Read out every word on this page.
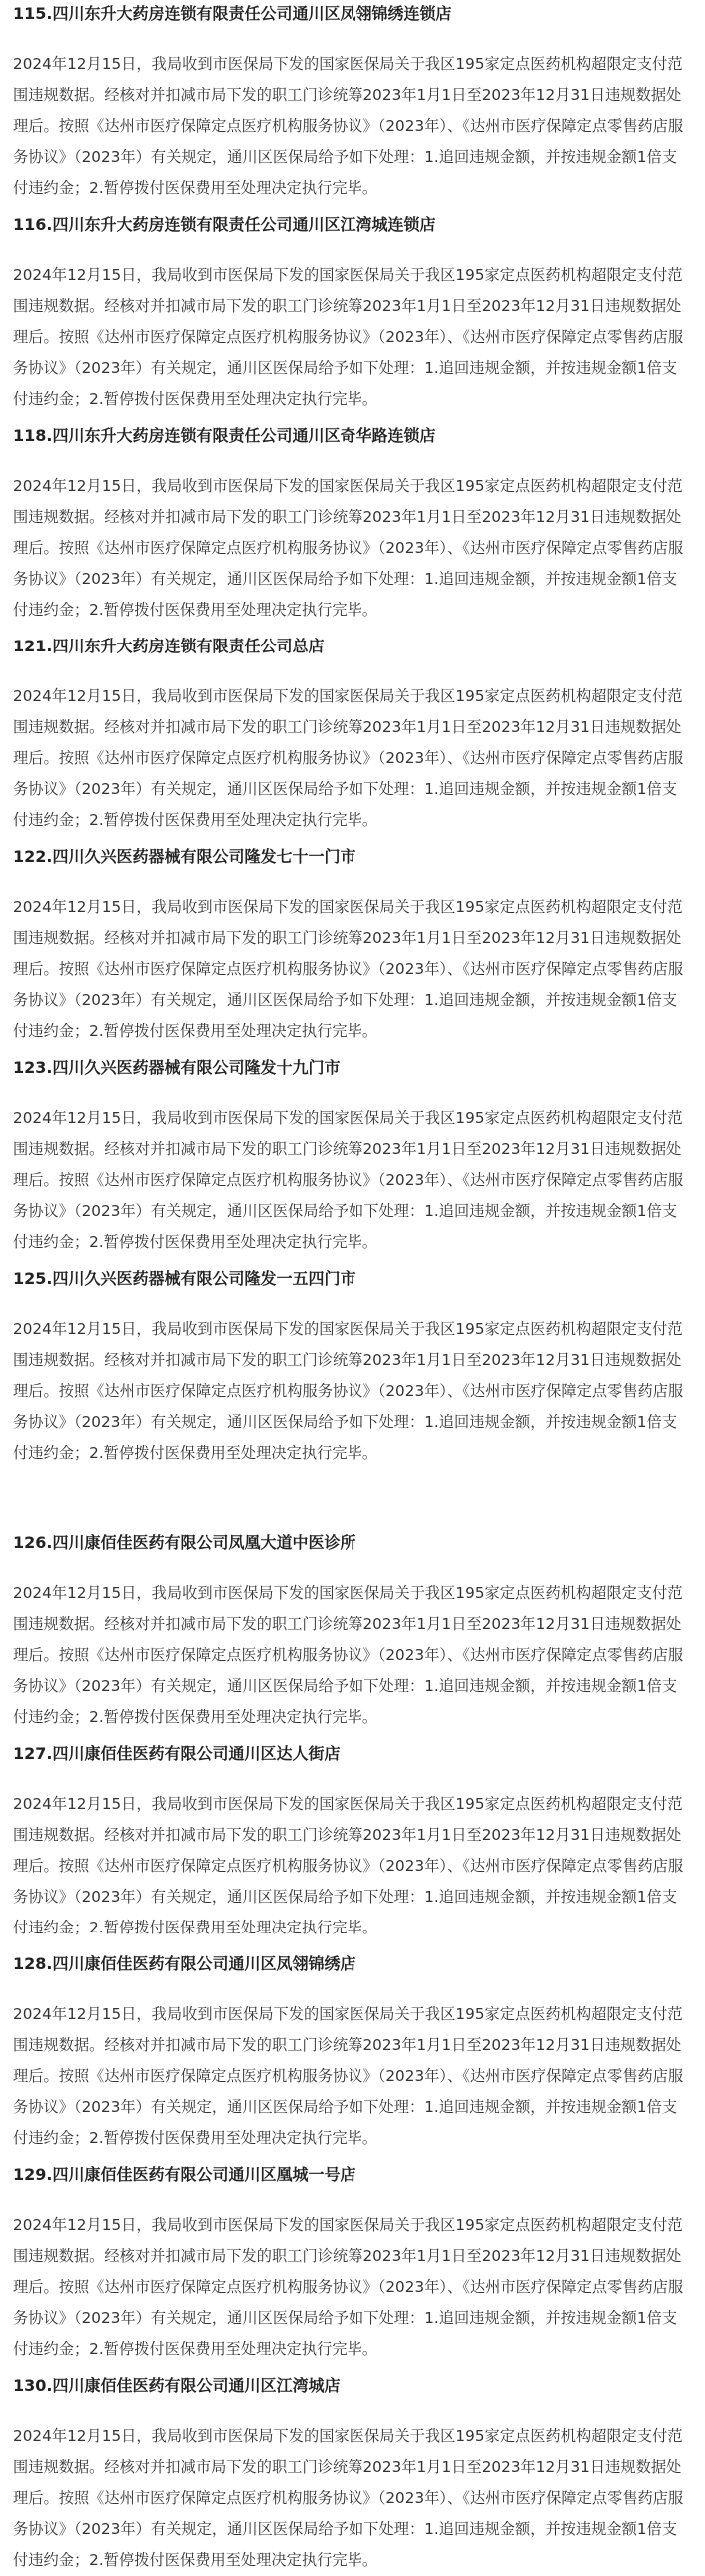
115.四川东升大药房连锁有限责任公司通川区凤翎锦绣连锁店

2024年12月15日，我局收到市医保局下发的国家医保局关于我区195家定点医药机构超限定支付范围违规数据。经核对并扣减市局下发的职工门诊统筹2023年1月1日至2023年12月31日违规数据处理后。按照《达州市医疗保障定点医疗机构服务协议》（2023年）、《达州市医疗保障定点零售药店服务协议》（2023年）有关规定，通川区医保局给予如下处理：1.追回违规金额，并按违规金额1倍支付违约金；2.暂停拨付医保费用至处理决定执行完毕。

116.四川东升大药房连锁有限责任公司通川区江湾城连锁店

2024年12月15日，我局收到市医保局下发的国家医保局关于我区195家定点医药机构超限定支付范围违规数据。经核对并扣减市局下发的职工门诊统筹2023年1月1日至2023年12月31日违规数据处理后。按照《达州市医疗保障定点医疗机构服务协议》（2023年）、《达州市医疗保障定点零售药店服务协议》（2023年）有关规定，通川区医保局给予如下处理：1.追回违规金额，并按违规金额1倍支付违约金；2.暂停拨付医保费用至处理决定执行完毕。

118.四川东升大药房连锁有限责任公司通川区奇华路连锁店

2024年12月15日，我局收到市医保局下发的国家医保局关于我区195家定点医药机构超限定支付范围违规数据。经核对并扣减市局下发的职工门诊统筹2023年1月1日至2023年12月31日违规数据处理后。按照《达州市医疗保障定点医疗机构服务协议》（2023年）、《达州市医疗保障定点零售药店服务协议》（2023年）有关规定，通川区医保局给予如下处理：1.追回违规金额，并按违规金额1倍支付违约金；2.暂停拨付医保费用至处理决定执行完毕。

121.四川东升大药房连锁有限责任公司总店

2024年12月15日，我局收到市医保局下发的国家医保局关于我区195家定点医药机构超限定支付范围违规数据。经核对并扣减市局下发的职工门诊统筹2023年1月1日至2023年12月31日违规数据处理后。按照《达州市医疗保障定点医疗机构服务协议》（2023年）、《达州市医疗保障定点零售药店服务协议》（2023年）有关规定，通川区医保局给予如下处理：1.追回违规金额，并按违规金额1倍支付违约金；2.暂停拨付医保费用至处理决定执行完毕。

122.四川久兴医药器械有限公司隆发七十一门市

2024年12月15日，我局收到市医保局下发的国家医保局关于我区195家定点医药机构超限定支付范围违规数据。经核对并扣减市局下发的职工门诊统筹2023年1月1日至2023年12月31日违规数据处理后。按照《达州市医疗保障定点医疗机构服务协议》（2023年）、《达州市医疗保障定点零售药店服务协议》（2023年）有关规定，通川区医保局给予如下处理：1.追回违规金额，并按违规金额1倍支付违约金；2.暂停拨付医保费用至处理决定执行完毕。

123.四川久兴医药器械有限公司隆发十九门市

2024年12月15日，我局收到市医保局下发的国家医保局关于我区195家定点医药机构超限定支付范围违规数据。经核对并扣减市局下发的职工门诊统筹2023年1月1日至2023年12月31日违规数据处理后。按照《达州市医疗保障定点医疗机构服务协议》（2023年）、《达州市医疗保障定点零售药店服务协议》（2023年）有关规定，通川区医保局给予如下处理：1.追回违规金额，并按违规金额1倍支付违约金；2.暂停拨付医保费用至处理决定执行完毕。

125.四川久兴医药器械有限公司隆发一五四门市

2024年12月15日，我局收到市医保局下发的国家医保局关于我区195家定点医药机构超限定支付范围违规数据。经核对并扣减市局下发的职工门诊统筹2023年1月1日至2023年12月31日违规数据处理后。按照《达州市医疗保障定点医疗机构服务协议》（2023年）、《达州市医疗保障定点零售药店服务协议》（2023年）有关规定，通川区医保局给予如下处理：1.追回违规金额，并按违规金额1倍支付违约金；2.暂停拨付医保费用至处理决定执行完毕。

126.四川康佰佳医药有限公司凤凰大道中医诊所

2024年12月15日，我局收到市医保局下发的国家医保局关于我区195家定点医药机构超限定支付范围违规数据。经核对并扣减市局下发的职工门诊统筹2023年1月1日至2023年12月31日违规数据处理后。按照《达州市医疗保障定点医疗机构服务协议》（2023年）、《达州市医疗保障定点零售药店服务协议》（2023年）有关规定，通川区医保局给予如下处理：1.追回违规金额，并按违规金额1倍支付违约金；2.暂停拨付医保费用至处理决定执行完毕。

127.四川康佰佳医药有限公司通川区达人街店

2024年12月15日，我局收到市医保局下发的国家医保局关于我区195家定点医药机构超限定支付范围违规数据。经核对并扣减市局下发的职工门诊统筹2023年1月1日至2023年12月31日违规数据处理后。按照《达州市医疗保障定点医疗机构服务协议》（2023年）、《达州市医疗保障定点零售药店服务协议》（2023年）有关规定，通川区医保局给予如下处理：1.追回违规金额，并按违规金额1倍支付违约金；2.暂停拨付医保费用至处理决定执行完毕。

128.四川康佰佳医药有限公司通川区凤翎锦绣店

2024年12月15日，我局收到市医保局下发的国家医保局关于我区195家定点医药机构超限定支付范围违规数据。经核对并扣减市局下发的职工门诊统筹2023年1月1日至2023年12月31日违规数据处理后。按照《达州市医疗保障定点医疗机构服务协议》（2023年）、《达州市医疗保障定点零售药店服务协议》（2023年）有关规定，通川区医保局给予如下处理：1.追回违规金额，并按违规金额1倍支付违约金；2.暂停拨付医保费用至处理决定执行完毕。

129.四川康佰佳医药有限公司通川区凰城一号店

2024年12月15日，我局收到市医保局下发的国家医保局关于我区195家定点医药机构超限定支付范围违规数据。经核对并扣减市局下发的职工门诊统筹2023年1月1日至2023年12月31日违规数据处理后。按照《达州市医疗保障定点医疗机构服务协议》（2023年）、《达州市医疗保障定点零售药店服务协议》（2023年）有关规定，通川区医保局给予如下处理：1.追回违规金额，并按违规金额1倍支付违约金；2.暂停拨付医保费用至处理决定执行完毕。

130.四川康佰佳医药有限公司通川区江湾城店

2024年12月15日，我局收到市医保局下发的国家医保局关于我区195家定点医药机构超限定支付范围违规数据。经核对并扣减市局下发的职工门诊统筹2023年1月1日至2023年12月31日违规数据处理后。按照《达州市医疗保障定点医疗机构服务协议》（2023年）、《达州市医疗保障定点零售药店服务协议》（2023年）有关规定，通川区医保局给予如下处理：1.追回违规金额，并按违规金额1倍支付违约金；2.暂停拨付医保费用至处理决定执行完毕。
